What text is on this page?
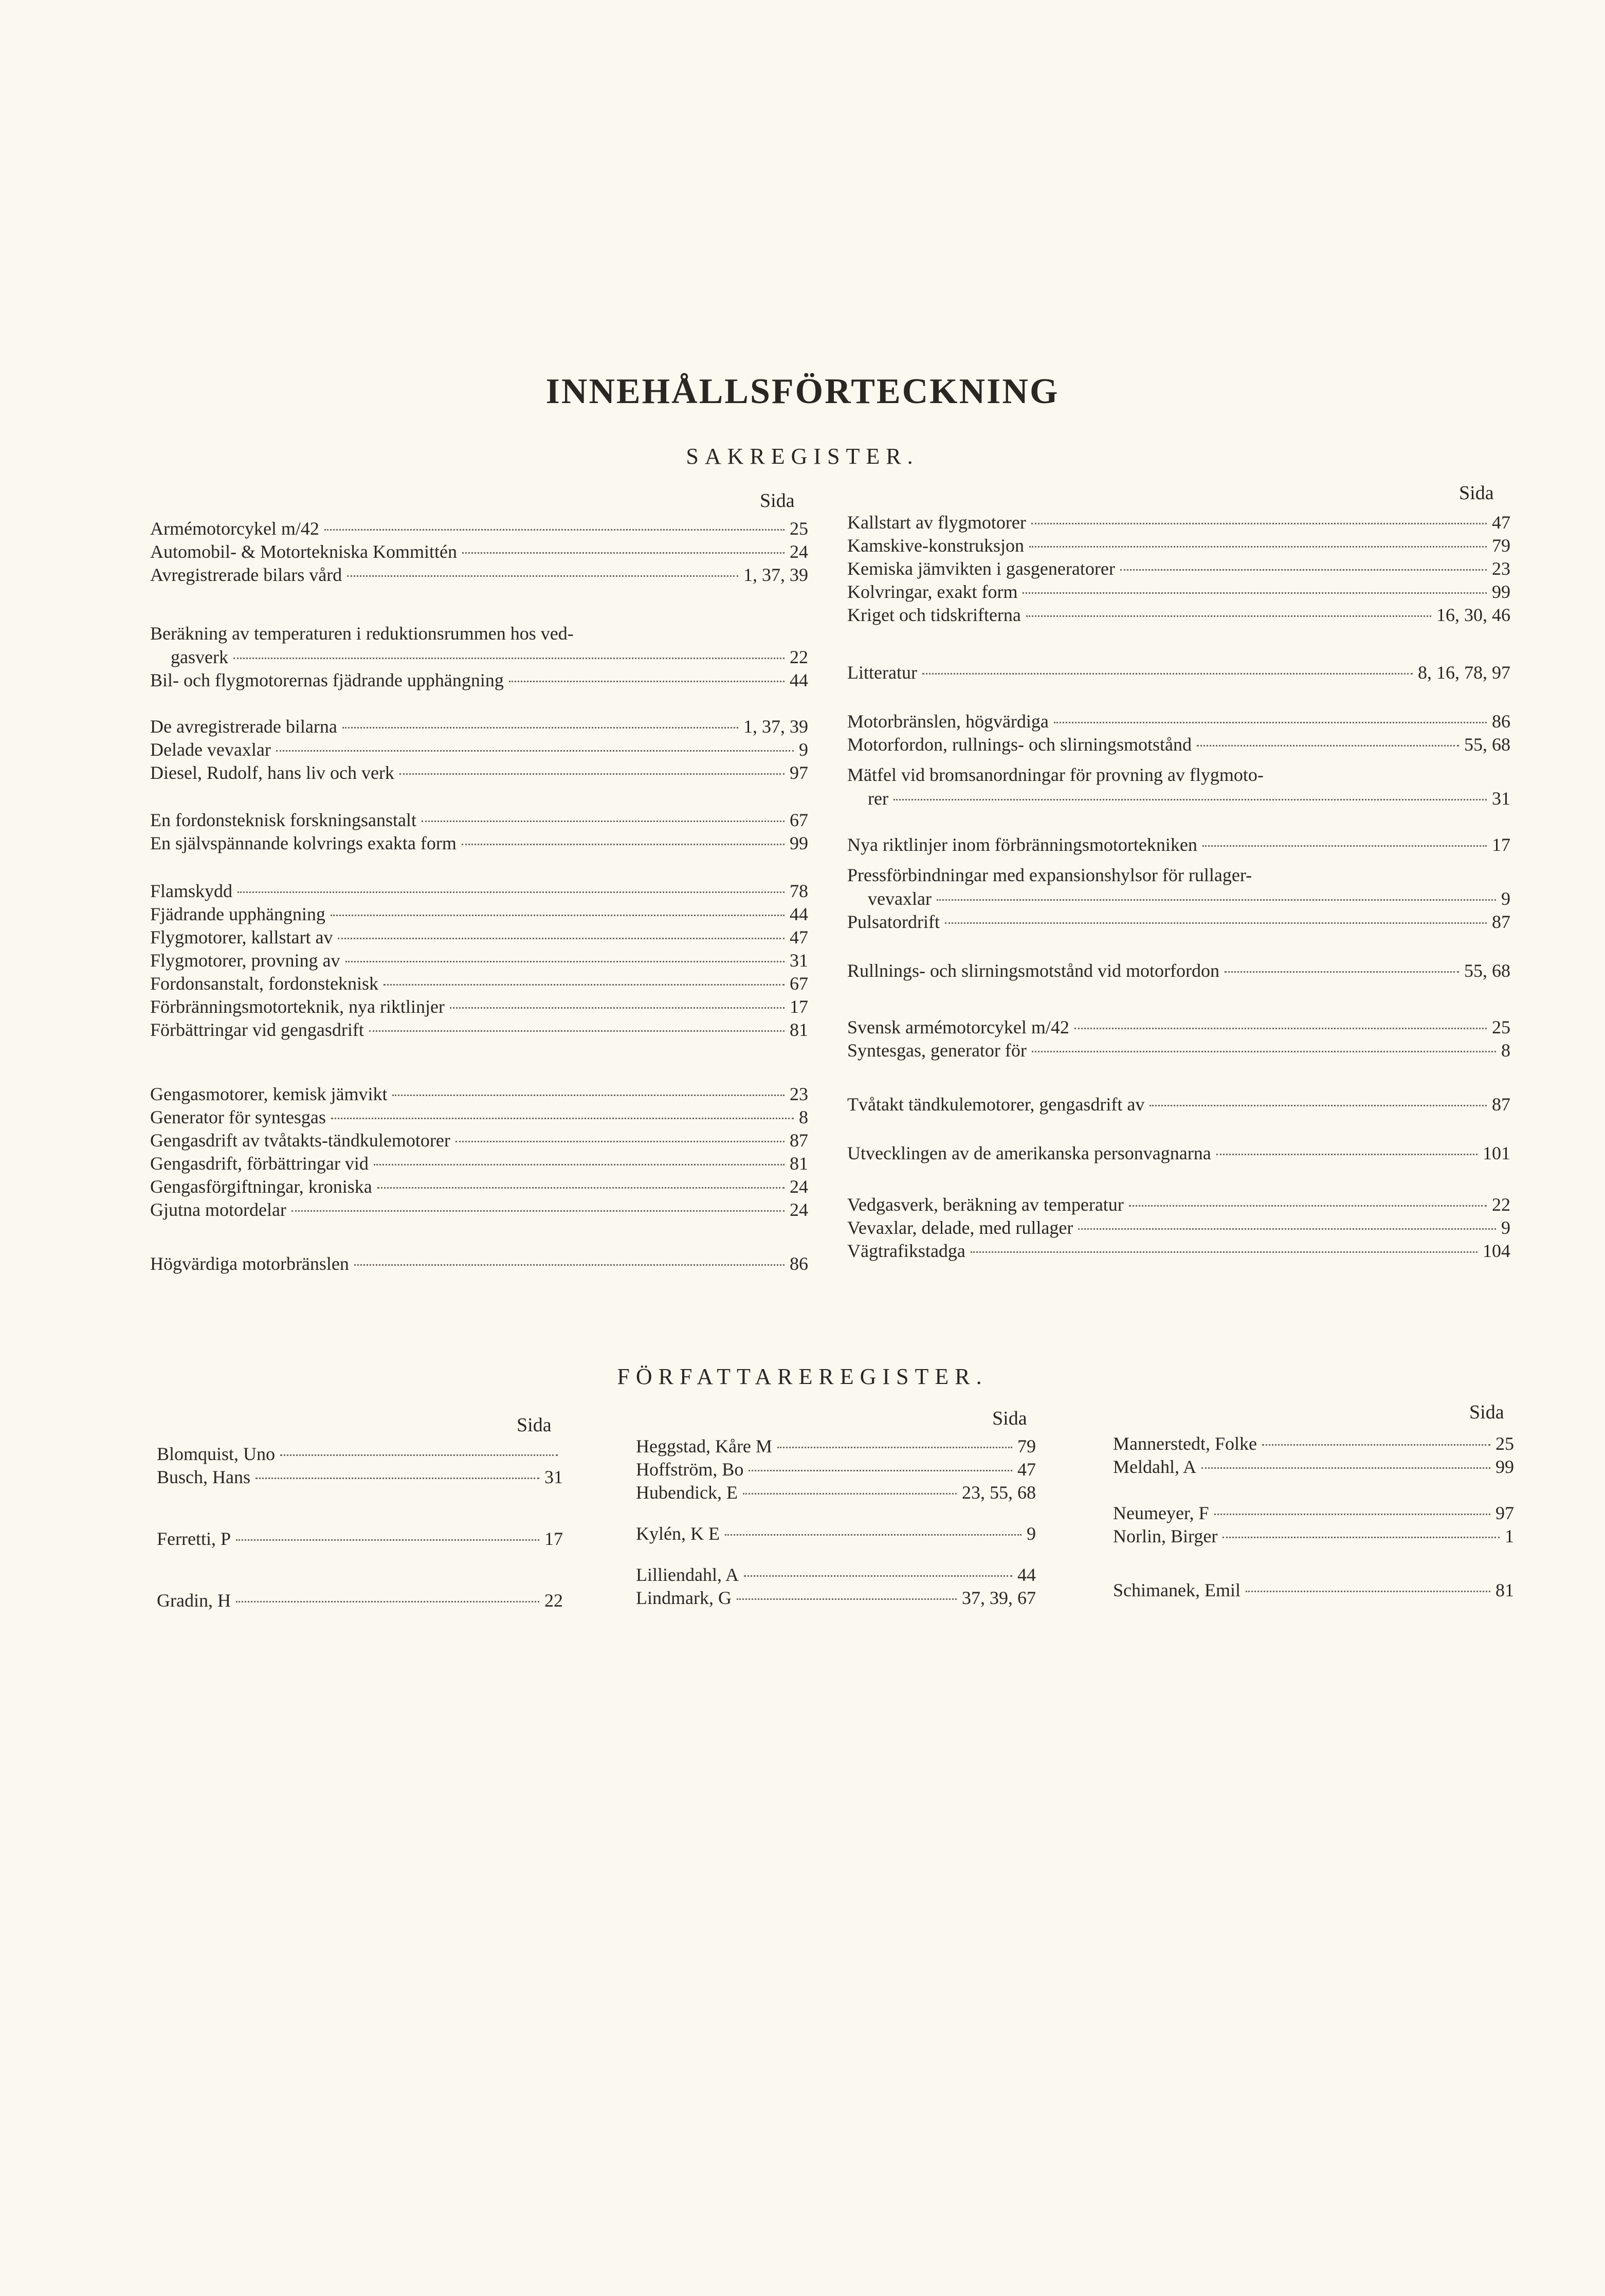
INNEHÅLLSFÖRTECKNING
SAKREGISTER.
Sida	Sida
Armémotorcykel m/42	25
Automobil- & Motortekniska Kommittén	24
Avregistrerade bilars vård	1, 37, 39
Beräkning av temperaturen i reduktionsrummen hos ved-
gasverk	22
Bil- och flygmotorernas fjädrande upphängning	44
De avregistrerade bilarna	1, 37, 39
Delade vevaxlar	9
Diesel, Rudolf, hans liv och verk	97
En fordonsteknisk forskningsanstalt	67
En självspännande kolvrings exakta form	99
Flamskydd	78
Fjädrande upphängning	44
Flygmotorer, kallstart av	47
Flygmotorer, provning av	31
Fordonsanstalt, fordonsteknisk	67
Förbränningsmotorteknik, nya riktlinjer	17
Förbättringar vid gengasdrift	81
Gengasmotorer, kemisk jämvikt	23
Generator för syntesgas	8
Gengasdrift av tvåtakts-tändkulemotorer	87
Gengasdrift, förbättringar vid	81
Gengasförgiftningar, kroniska	24
Gjutna motordelar	24
Högvärdiga motorbränslen	86
Kallstart av flygmotorer	47
Kamskive-konstruksjon	79
Kemiska jämvikten i gasgeneratorer	23
Kolvringar, exakt form	99
Kriget och tidskrifterna	16, 30, 46
Litteratur	8, 16, 78, 97
Motorbränslen, högvärdiga	86
Motorfordon, rullnings- och slirningsmotstånd	55, 68
Mätfel vid bromsanordningar för provning av flygmoto-
rer	31
Nya riktlinjer inom förbränningsmotortekniken	17
Pressförbindningar med expansionshylsor för rullager-
vevaxlar	9
Pulsatordrift	87
Rullnings- och slirningsmotstånd vid motorfordon	55, 68
Svensk armémotorcykel m/42	25
Syntesgas, generator för	8
Tvåtakt tändkulemotorer, gengasdrift av	87
Utvecklingen av de amerikanska personvagnarna	101
Vedgasverk, beräkning av temperatur	22
Vevaxlar, delade, med rullager	9
Vägtrafikstadga	104
FÖRFATTAREREGISTER.
Sida	Sida	Sida
Blomquist, Uno
Busch, Hans	31
Ferretti, P	17
Gradin, H	22
Heggstad, Kåre M	79
Hoffström, Bo	47
Hubendick, E	23, 55, 68
Kylén, K E	9
Lilliendahl, A	44
Lindmark, G	37, 39, 67
Mannerstedt, Folke	25
Meldahl, A	99
Neumeyer, F	97
Norlin, Birger	1
Schimanek, Emil	81
